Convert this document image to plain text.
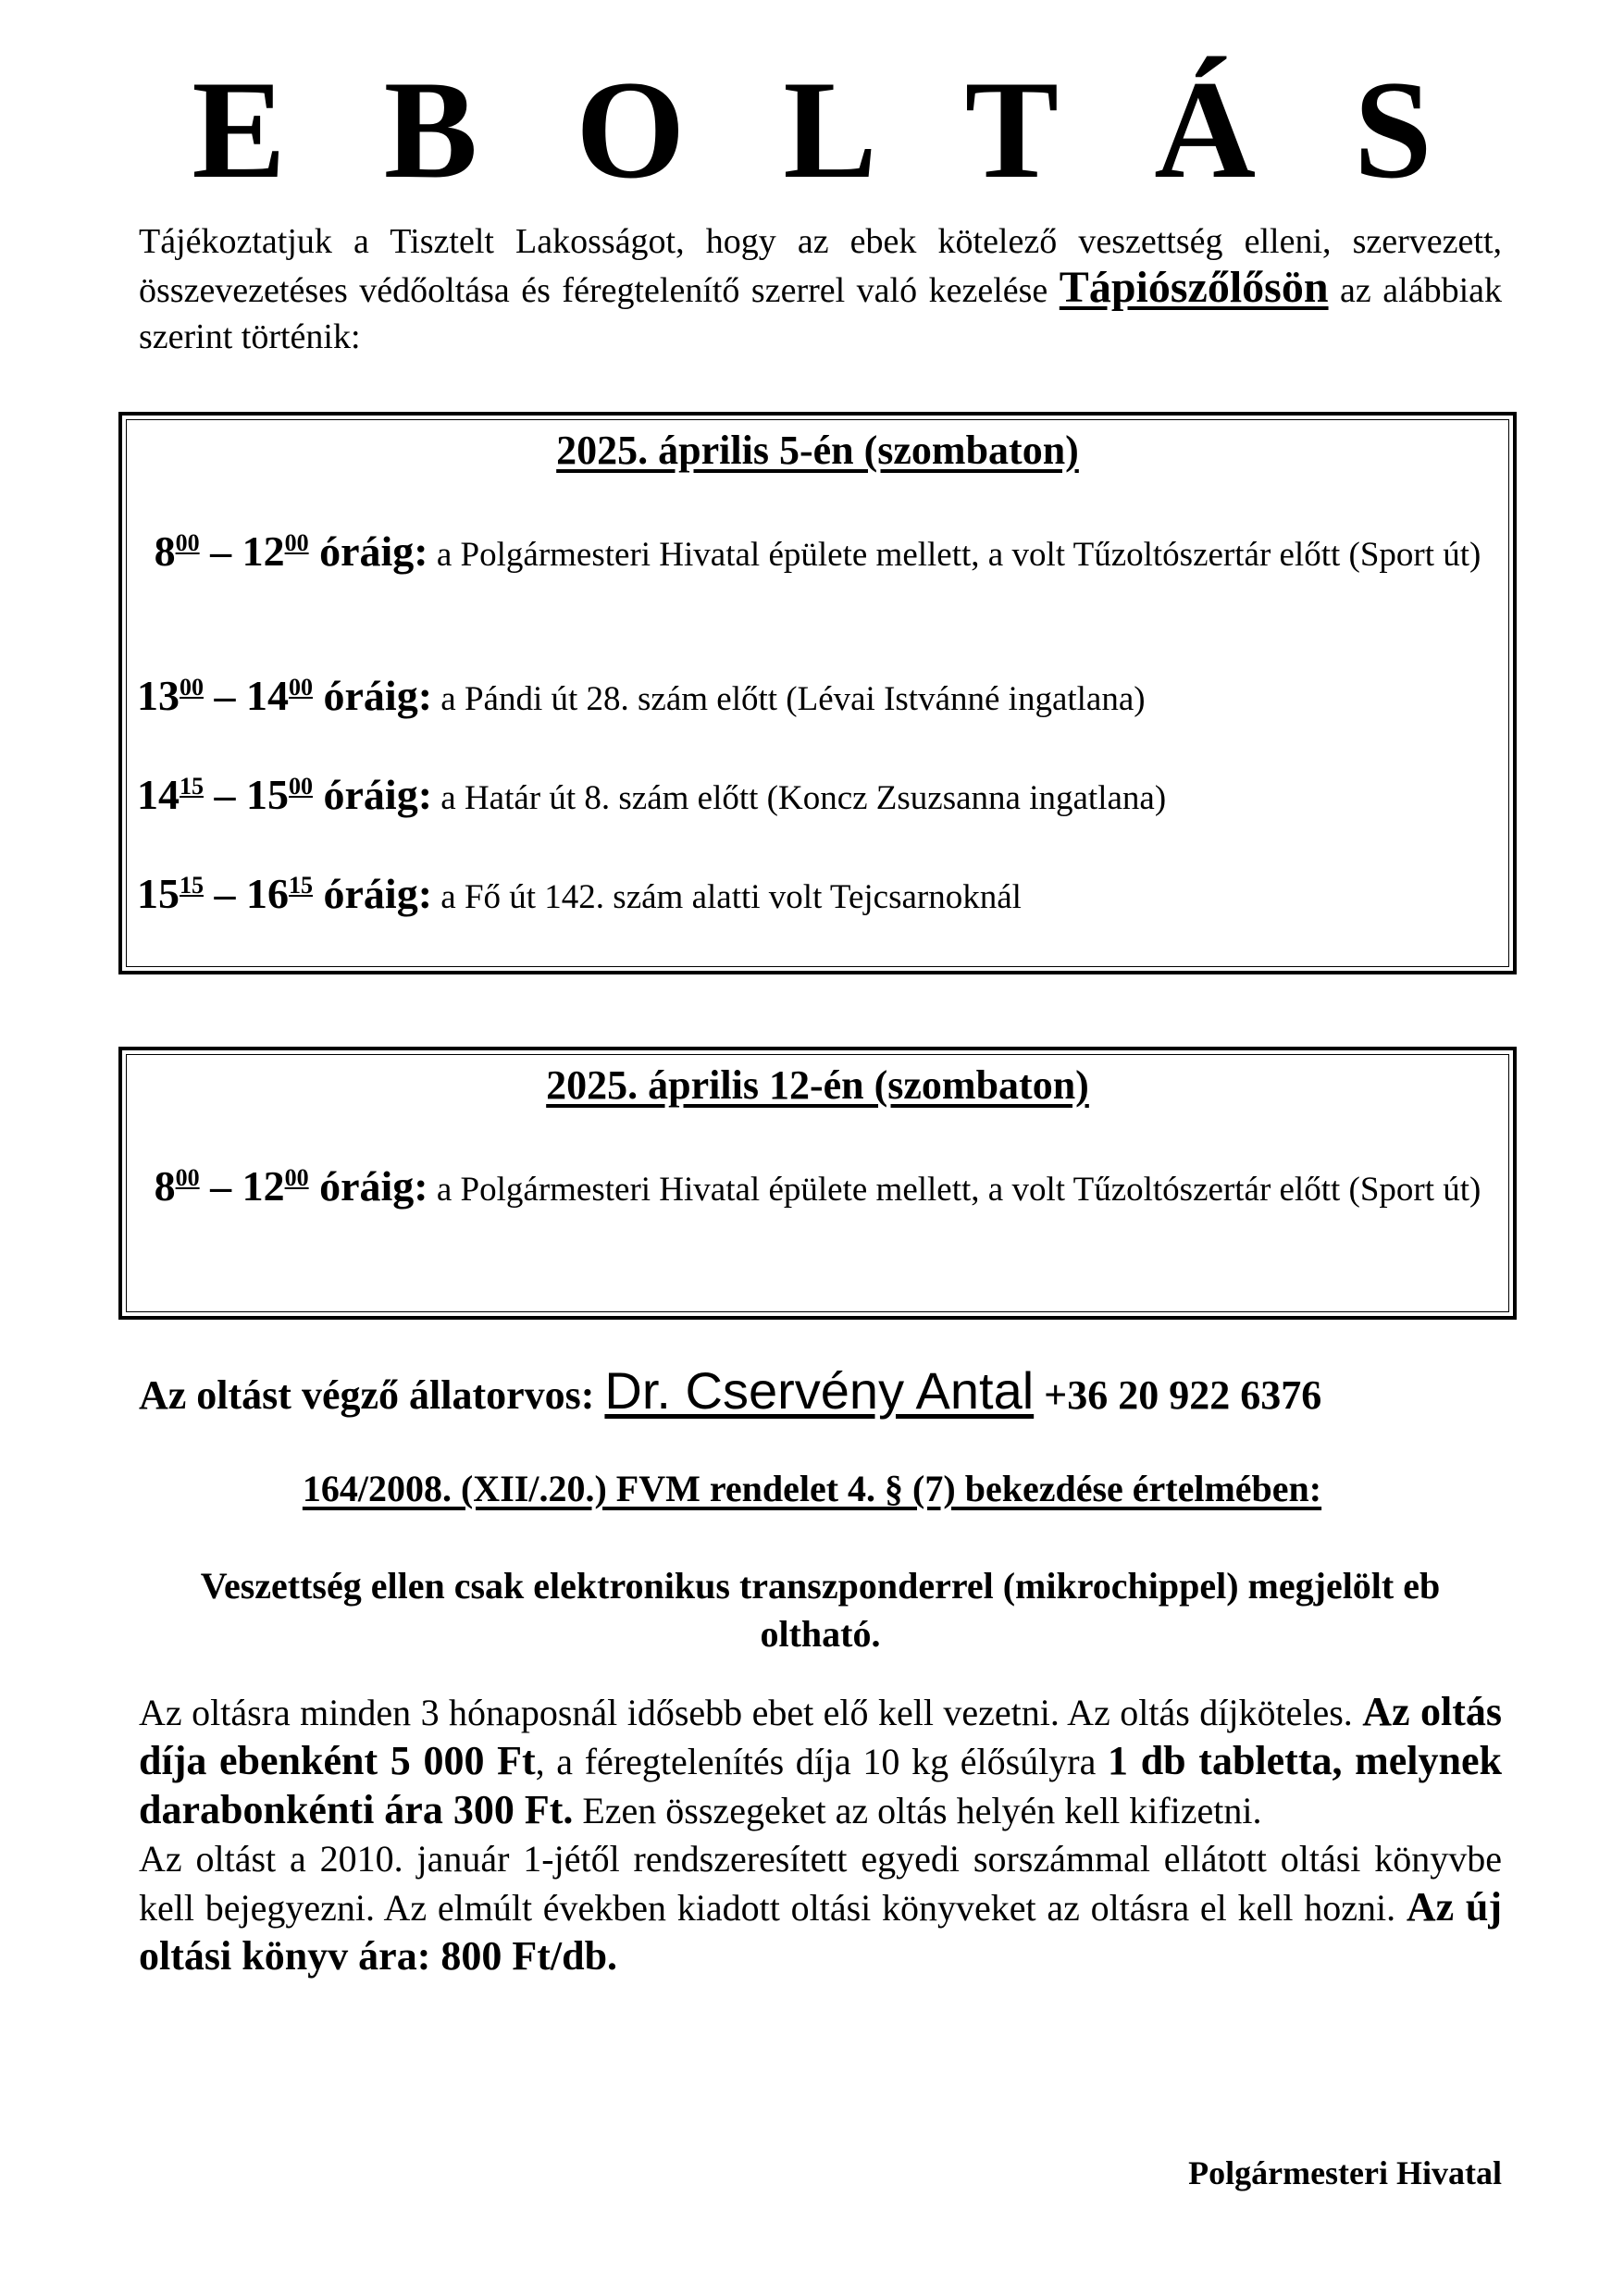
E B O L T Á S
Tájékoztatjuk a Tisztelt Lakosságot, hogy az ebek kötelező veszettség elleni, szervezett, összevezetéses védőoltása és féregtelenítő szerrel való kezelése Tápiószőlősön az alábbiak szerint történik:
2025. április 5-én (szombaton)
$8^{00} - 12^{00}$ óráig: a Polgármesteri Hivatal épülete mellett, a volt Tűzoltószertár előtt (Sport út)
$13^{00} - 14^{00}$ óráig: a Pándi út 28. szám előtt (Lévai Istvánné ingatlana)
$14^{15} - 15^{00}$ óráig: a Határ út 8. szám előtt (Koncz Zsuzsanna ingatlana)
$15^{15} - 16^{15}$ óráig: a Fő út 142. szám alatti volt Tejcsarnoknál
2025. április 12-én (szombaton)
$8^{00} - 12^{00}$ óráig: a Polgármesteri Hivatal épülete mellett, a volt Tűzoltószertár előtt (Sport út)
Az oltást végző állatorvos: Dr. Cservény Antal +36 20 922 6376
164/2008. (XII/.20.) FVM rendelet 4. § (7) bekezdése értelmében:
Veszettség ellen csak elektronikus transzponderrel (mikrochippel) megjelölt eb oltható.

Az oltásra minden 3 hónaposnál idősebb ebet elő kell vezetni. Az oltás díjköteles. Az oltás díja ebenként 5 000 Ft, a féregtelenítés díja 10 kg élősúlyra 1 db tabletta, melynek darabonkénti ára 300 Ft. Ezen összegeket az oltás helyén kell kifizetni.

Az oltást a 2010. január 1-jétől rendszeresített egyedi sorszámmal ellátott oltási könyvbe kell bejegyezni. Az elmúlt években kiadott oltási könyveket az oltásra el kell hozni. Az új oltási könyv ára: 800 Ft/db.

Polgármesteri Hivatal
